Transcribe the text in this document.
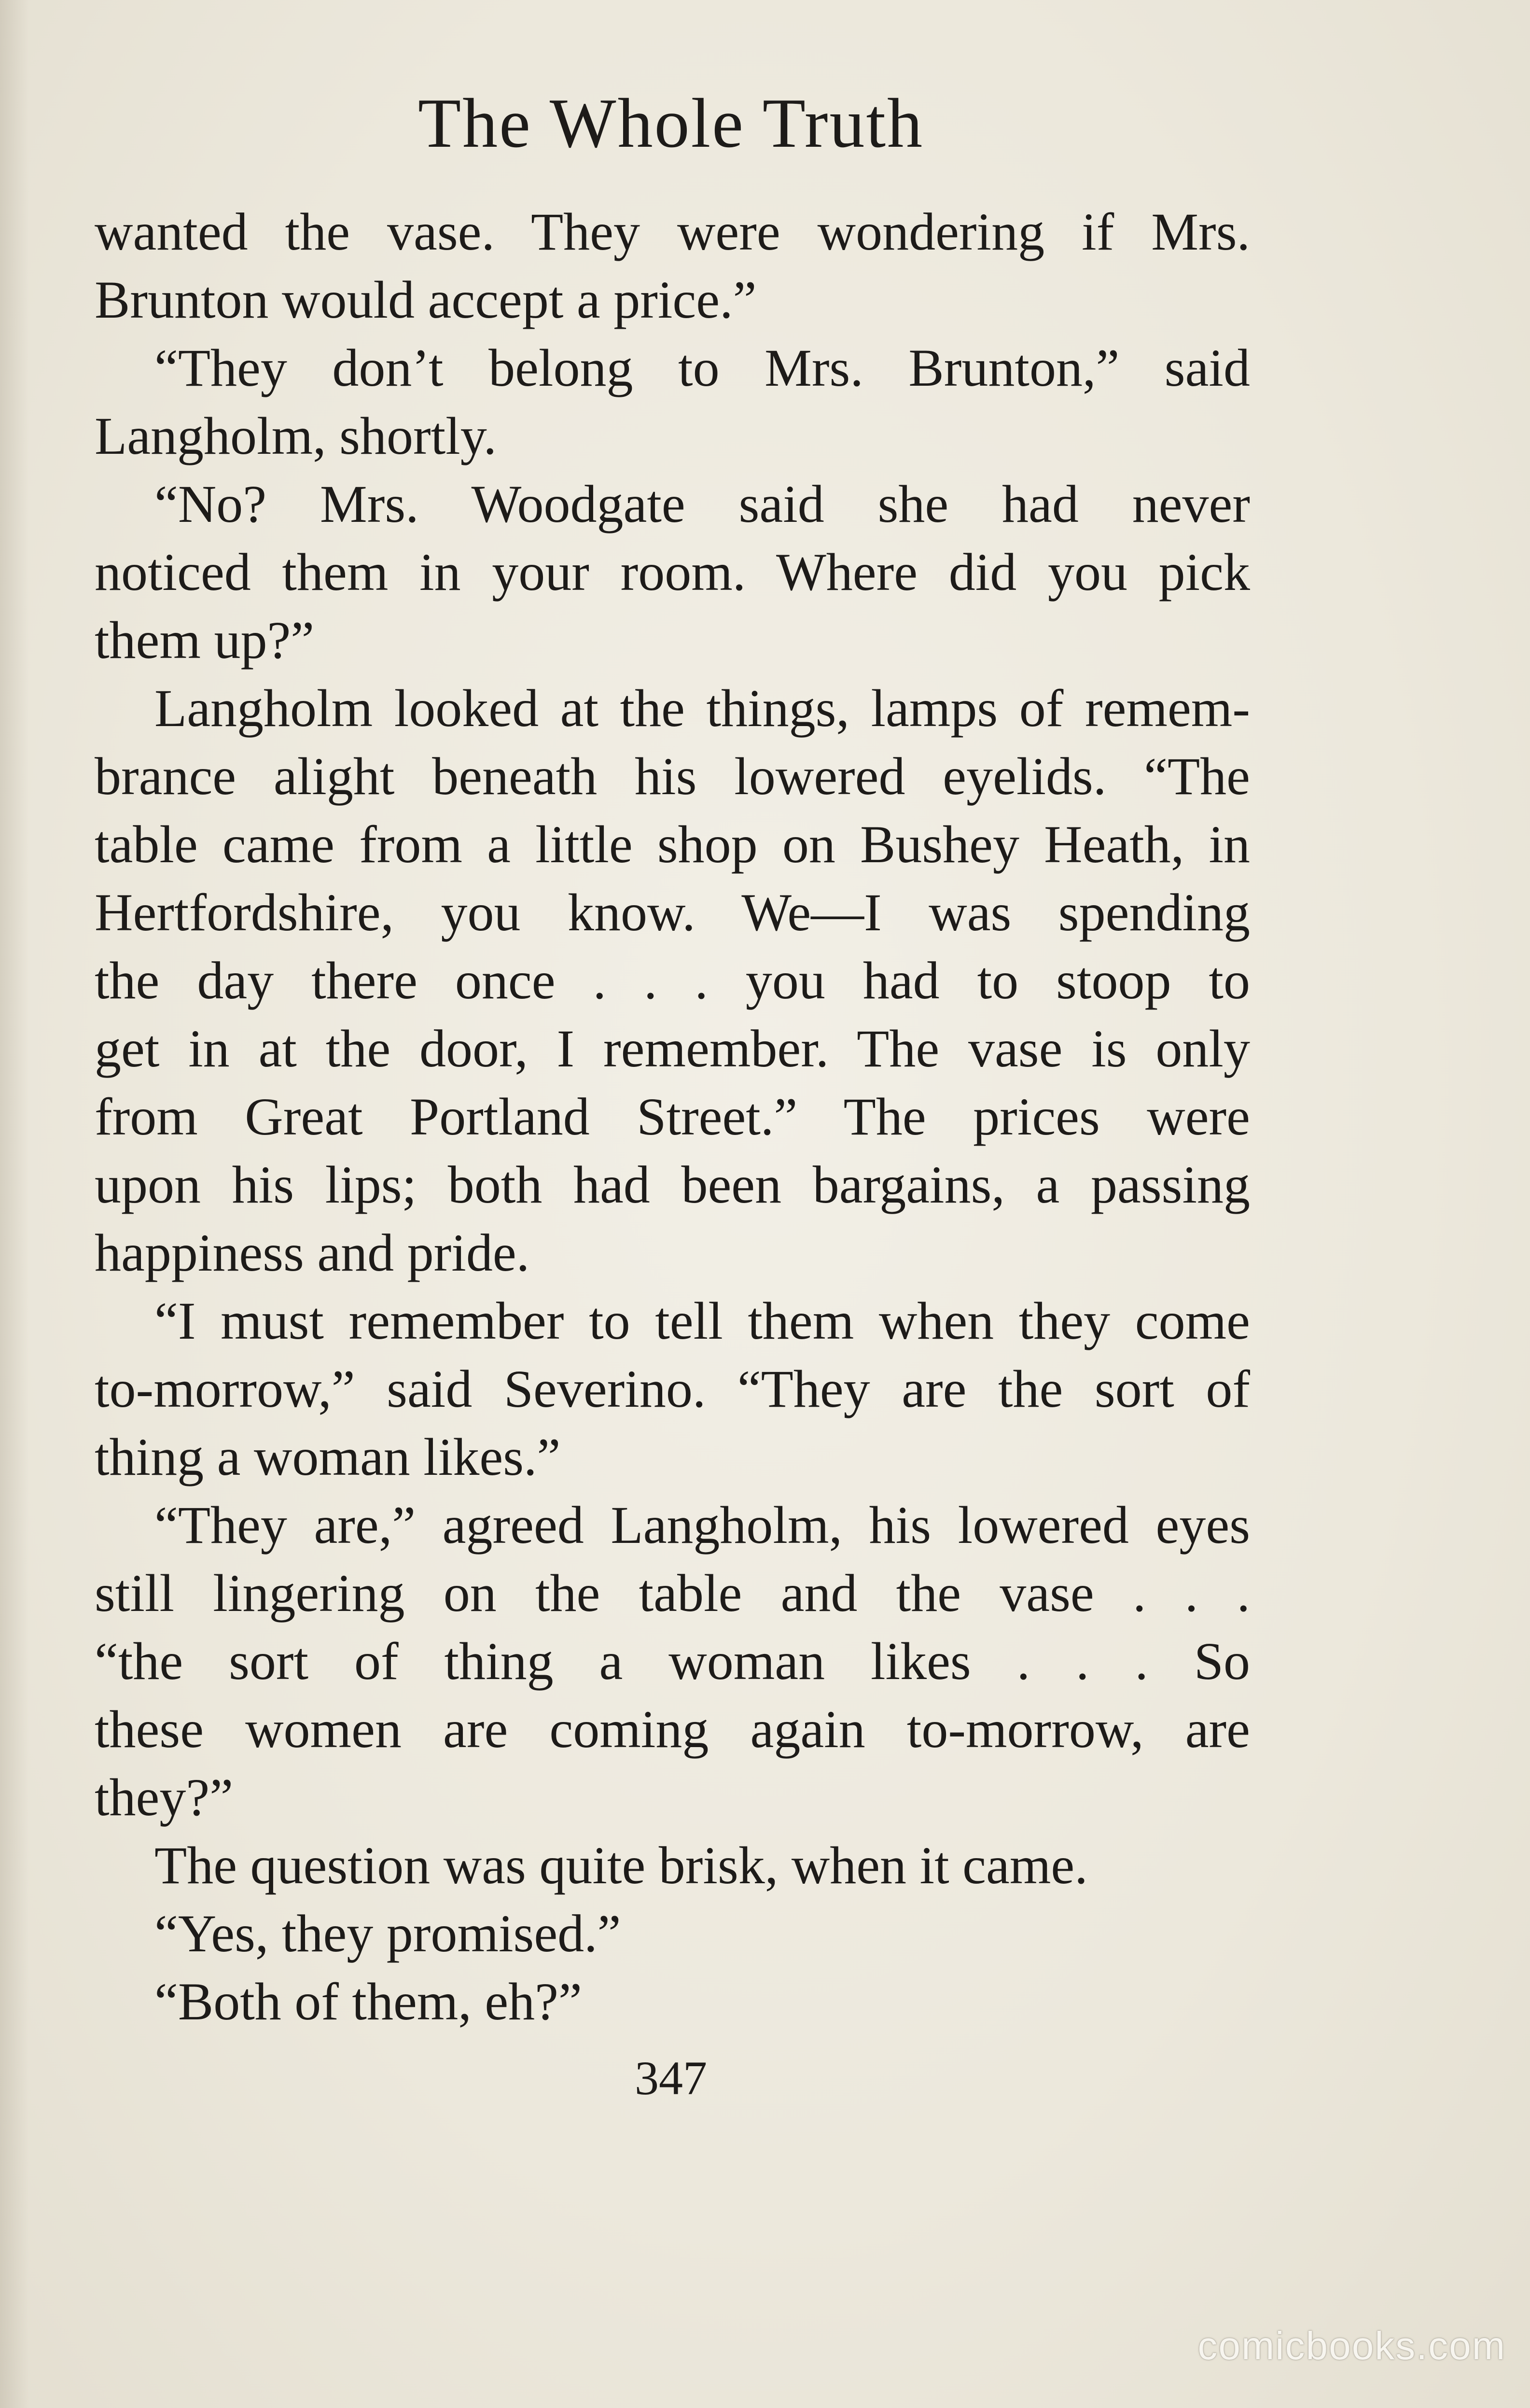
The Whole Truth
wanted the vase. They were wondering if Mrs.
Brunton would accept a price.”
“They don’t belong to Mrs. Brunton,” said
Langholm, shortly.
“No? Mrs. Woodgate said she had never
noticed them in your room. Where did you pick
them up?”
Langholm looked at the things, lamps of remem-
brance alight beneath his lowered eyelids. “The
table came from a little shop on Bushey Heath, in
Hertfordshire, you know. We—I was spending
the day there once . . . you had to stoop to
get in at the door, I remember. The vase is only
from Great Portland Street.” The prices were
upon his lips; both had been bargains, a passing
happiness and pride.
“I must remember to tell them when they come
to-morrow,” said Severino. “They are the sort of
thing a woman likes.”
“They are,” agreed Langholm, his lowered eyes
still lingering on the table and the vase . . .
“the sort of thing a woman likes . . . So
these women are coming again to-morrow, are
they?”
The question was quite brisk, when it came.
“Yes, they promised.”
“Both of them, eh?”
347
comicbooks.com
